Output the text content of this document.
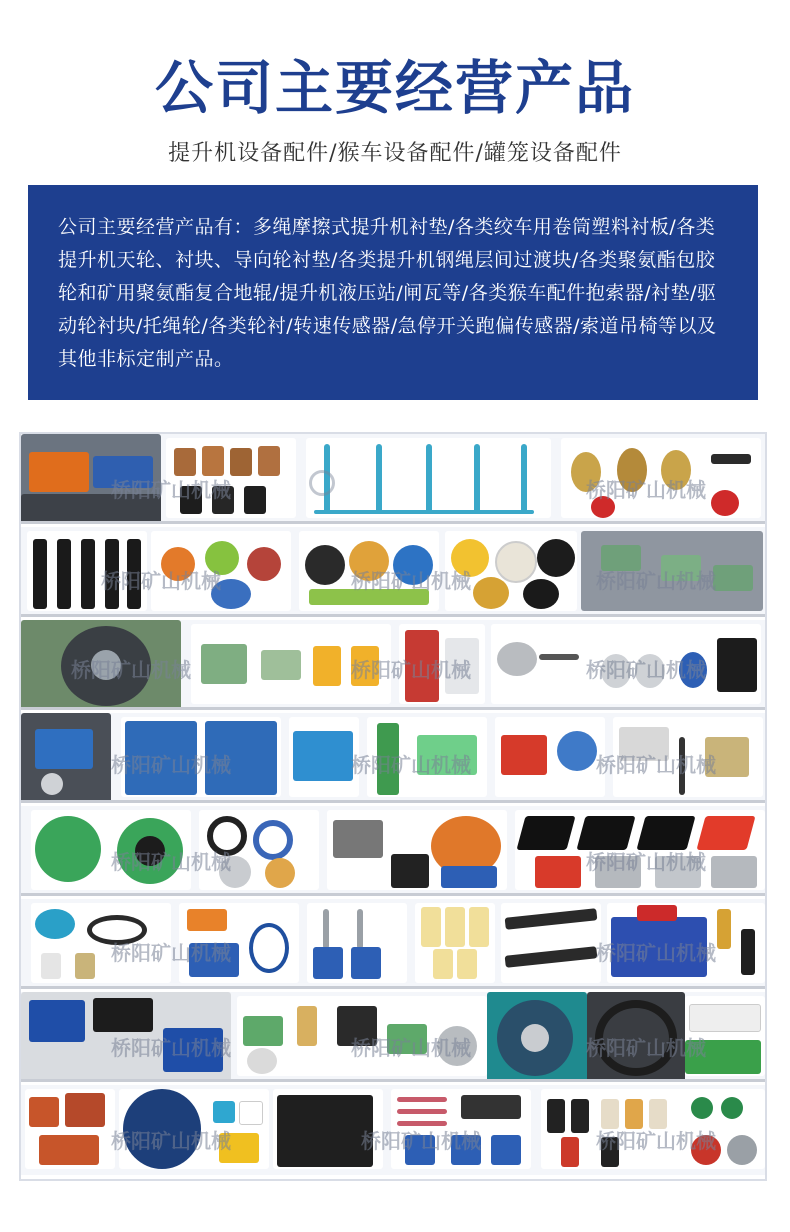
公司主要经营产品
提升机设备配件/猴车设备配件/罐笼设备配件
公司主要经营产品有：多绳摩擦式提升机衬垫/各类绞车用卷筒塑料衬板/各类提升机天轮、衬块、导向轮衬垫/各类提升机钢绳层间过渡块/各类聚氨酯包胶轮和矿用聚氨酯复合地辊/提升机液压站/闸瓦等/各类猴车配件抱索器/衬垫/驱动轮衬块/托绳轮/各类轮衬/转速传感器/急停开关跑偏传感器/索道吊椅等以及其他非标定制产品。
桥阳矿山机械	桥阳矿山机械
桥阳矿山机械	桥阳矿山机械	桥阳矿山机械
桥阳矿山机械	桥阳矿山机械	桥阳矿山机械
桥阳矿山机械	桥阳矿山机械	桥阳矿山机械
桥阳矿山机械	桥阳矿山机械
桥阳矿山机械	桥阳矿山机械
桥阳矿山机械	桥阳矿山机械	桥阳矿山机械
桥阳矿山机械	桥阳矿山机械	桥阳矿山机械
